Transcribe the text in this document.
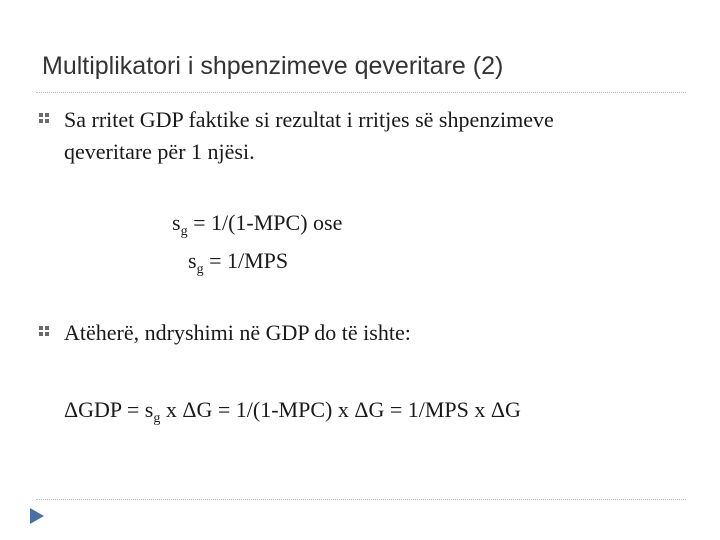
Multiplikatori i shpenzimeve qeveritare (2)
Sa rritet GDP faktike si rezultat i rritjes së shpenzimeve
qeveritare për 1 njësi.
$s_g = 1/(1-MPC)$ ose
$s_g = 1/MPS$
Atëherë, ndryshimi në GDP do të ishte:
$\Delta GDP = s_g$ x ΔG = 1/(1-MPC) x ΔG = 1/MPS x ΔG
